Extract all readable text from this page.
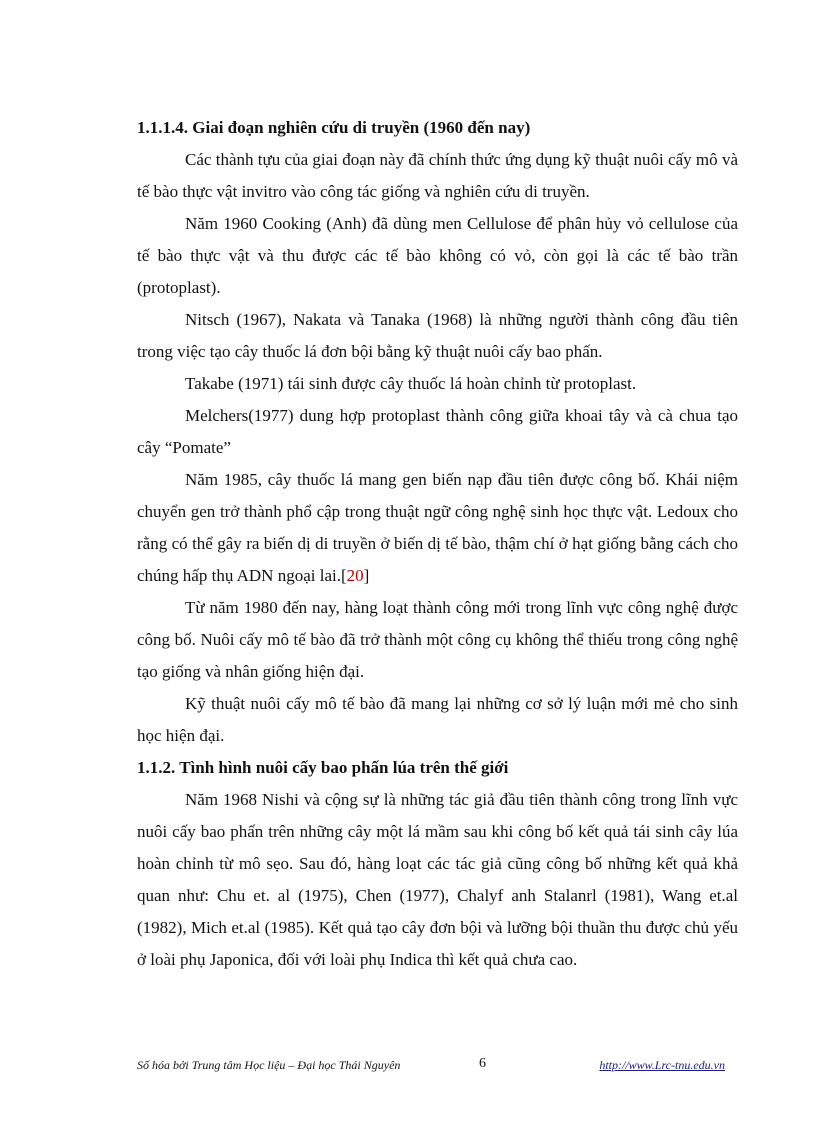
1.1.1.4. Giai đoạn nghiên cứu di truyền (1960 đến nay)

Các thành tựu của giai đoạn này đã chính thức ứng dụng kỹ thuật nuôi cấy mô và tế bào thực vật invitro vào công tác giống và nghiên cứu di truyền.

Năm 1960 Cooking (Anh) đã dùng men Cellulose để phân hủy vỏ cellulose của tế bào thực vật và thu được các tế bào không có vỏ, còn gọi là các tế bào trần (protoplast).

Nitsch (1967), Nakata và Tanaka (1968) là những người thành công đầu tiên trong việc tạo cây thuốc lá đơn bội bằng kỹ thuật nuôi cấy bao phấn.

Takabe (1971) tái sinh được cây thuốc lá hoàn chỉnh từ protoplast.

Melchers(1977) dung hợp protoplast thành công giữa khoai tây và cà chua tạo cây “Pomate”

Năm 1985, cây thuốc lá mang gen biến nạp đầu tiên được công bố. Khái niệm chuyển gen trở thành phổ cập trong thuật ngữ công nghệ sinh học thực vật. Ledoux cho rằng có thể gây ra biến dị di truyền ở biến dị tế bào, thậm chí ở hạt giống bằng cách cho chúng hấp thụ ADN ngoại lai.[20]

Từ năm 1980 đến nay, hàng loạt thành công mới trong lĩnh vực công nghệ được công bố. Nuôi cấy mô tế bào đã trở thành một công cụ không thể thiếu trong công nghệ tạo giống và nhân giống hiện đại.

Kỹ thuật nuôi cấy mô tế bào đã mang lại những cơ sở lý luận mới mẻ cho sinh học hiện đại.

1.1.2. Tình hình nuôi cấy bao phấn lúa trên thế giới

Năm 1968 Nishi và cộng sự là những tác giả đầu tiên thành công trong lĩnh vực nuôi cấy bao phấn trên những cây một lá mầm sau khi công bố kết quả tái sinh cây lúa hoàn chỉnh từ mô sẹo. Sau đó, hàng loạt các tác giả cũng công bố những kết quả khả quan như: Chu et. al (1975), Chen (1977), Chalyf anh Stalanrl (1981), Wang et.al (1982), Mich et.al (1985). Kết quả tạo cây đơn bội và lưỡng bội thuần thu được chủ yếu ở loài phụ Japonica, đối với loài phụ Indica thì kết quả chưa cao.

Số hóa bởi Trung tâm Học liệu – Đại học Thái Nguyên	6	http://www.Lrc-tnu.edu.vn
